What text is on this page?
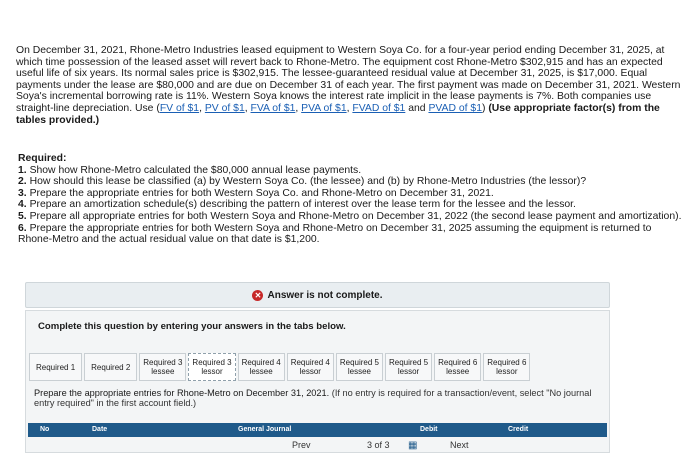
On December 31, 2021, Rhone-Metro Industries leased equipment to Western Soya Co. for a four-year period ending December 31, 2025, at which time possession of the leased asset will revert back to Rhone-Metro. The equipment cost Rhone-Metro $302,915 and has an expected useful life of six years. Its normal sales price is $302,915. The lessee-guaranteed residual value at December 31, 2025, is $17,000. Equal payments under the lease are $80,000 and are due on December 31 of each year. The first payment was made on December 31, 2021. Western Soya's incremental borrowing rate is 11%. Western Soya knows the interest rate implicit in the lease payments is 7%. Both companies use straight-line depreciation. Use (FV of $1, PV of $1, FVA of $1, PVA of $1, FVAD of $1 and PVAD of $1) (Use appropriate factor(s) from the tables provided.)
Required:
1. Show how Rhone-Metro calculated the $80,000 annual lease payments.
2. How should this lease be classified (a) by Western Soya Co. (the lessee) and (b) by Rhone-Metro Industries (the lessor)?
3. Prepare the appropriate entries for both Western Soya Co. and Rhone-Metro on December 31, 2021.
4. Prepare an amortization schedule(s) describing the pattern of interest over the lease term for the lessee and the lessor.
5. Prepare all appropriate entries for both Western Soya and Rhone-Metro on December 31, 2022 (the second lease payment and amortization).
6. Prepare the appropriate entries for both Western Soya and Rhone-Metro on December 31, 2025 assuming the equipment is returned to Rhone-Metro and the actual residual value on that date is $1,200.
✕ Answer is not complete.
Complete this question by entering your answers in the tabs below.
Required 1 Required 2 Required 3
lessee
Required 3
lessor
Required 4
lessee
Required 4
lessor
Required 5
lessee
Required 5
lessor
Required 6
lessee
Required 6
lessor
Prepare the appropriate entries for Rhone-Metro on December 31, 2021. (If no entry is required for a transaction/event, select "No journal entry required" in the first account field.)
No	Date	General Journal	Debit	Credit
Prev	3 of 3 ▦	Next
